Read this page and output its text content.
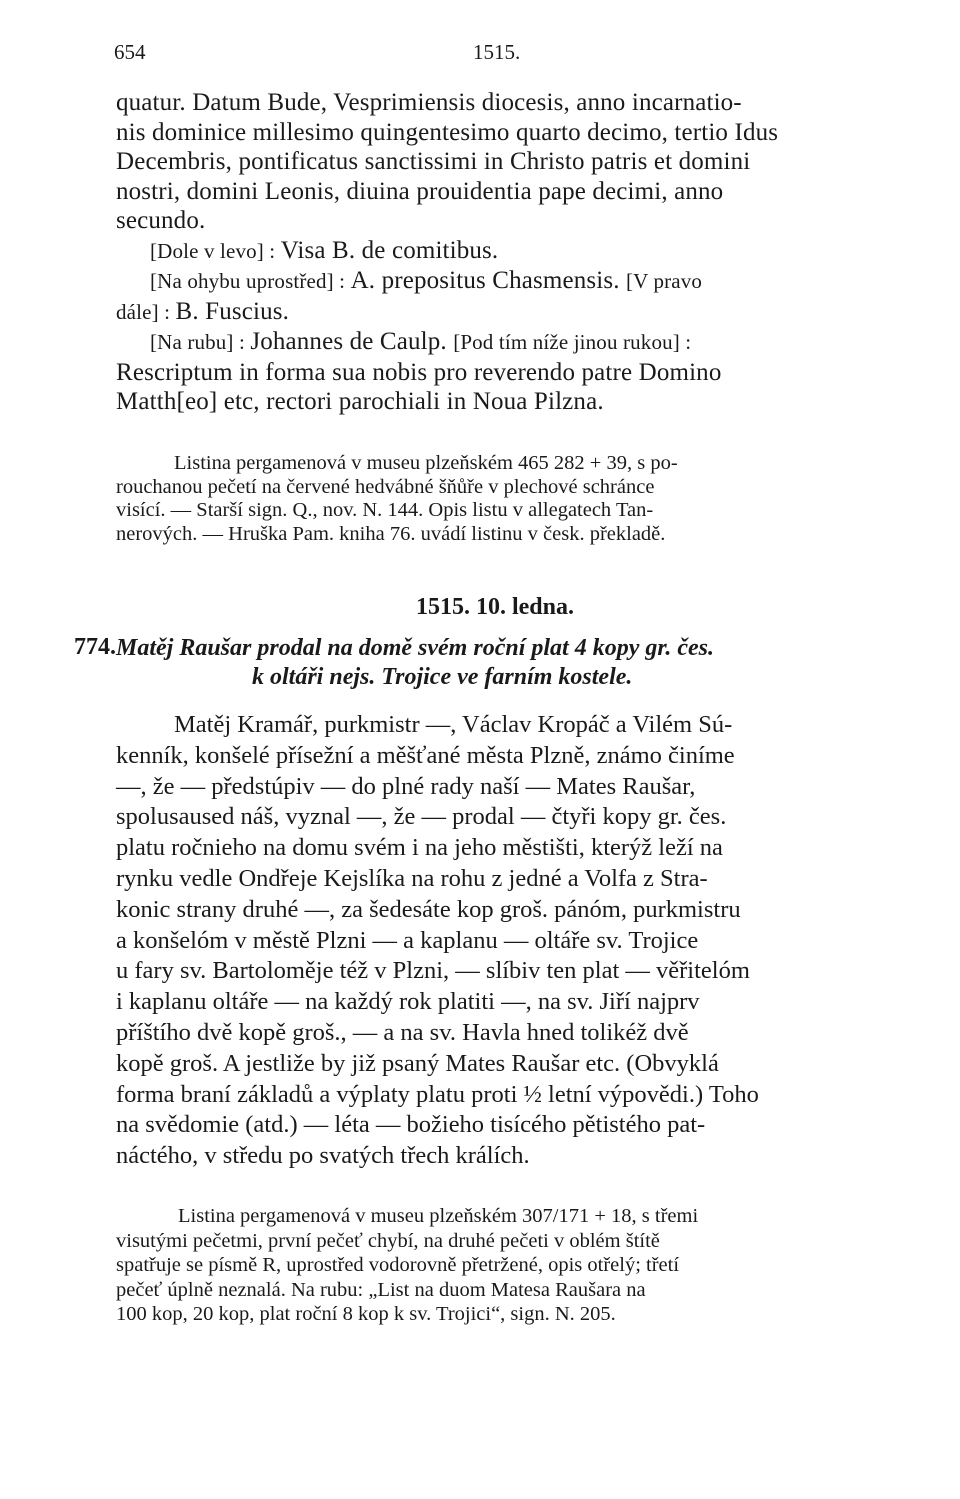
654	1515.
quatur. Datum Bude, Vesprimiensis diocesis, anno incarnatio-
nis dominice millesimo quingentesimo quarto decimo, tertio Idus
Decembris, pontificatus sanctissimi in Christo patris et domini
nostri, domini Leonis, diuina prouidentia pape decimi, anno
secundo.
[Dole v levo] : Visa B. de comitibus.
[Na ohybu uprostřed] : A. prepositus Chasmensis. [V pravo
dále] : B. Fuscius.
[Na rubu] : Johannes de Caulp. [Pod tím níže jinou rukou] :
Rescriptum in forma sua nobis pro reverendo patre Domino
Matth[eo] etc, rectori parochiali in Noua Pilzna.
Listina pergamenová v museu plzeňském 465 282 + 39, s po-
rouchanou pečetí na červené hedvábné šňůře v plechové schránce
visící. — Starší sign. Q., nov. N. 144. Opis listu v allegatech Tan-
nerových. — Hruška Pam. kniha 76. uvádí listinu v česk. překladě.
1515. 10. ledna.
774. Matěj Raušar prodal na domě svém roční plat 4 kopy gr. čes.
k oltáři nejs. Trojice ve farním kostele.
Matěj Kramář, purkmistr —, Václav Kropáč a Vilém Sú-
kenník, konšelé přísežní a měšťané města Plzně, známo činíme
—, že — předstúpiv — do plné rady naší — Mates Raušar,
spolusaused náš, vyznal —, že — prodal — čtyři kopy gr. čes.
platu ročnieho na domu svém i na jeho městišti, kterýž leží na
rynku vedle Ondřeje Kejslíka na rohu z jedné a Volfa z Stra-
konic strany druhé —, za šedesáte kop groš. pánóm, purkmistru
a konšelóm v městě Plzni — a kaplanu — oltáře sv. Trojice
u fary sv. Bartoloměje též v Plzni, — slíbiv ten plat — věřitelóm
i kaplanu oltáře — na každý rok platiti —, na sv. Jiří najprv
příštího dvě kopě groš., — a na sv. Havla hned tolikéž dvě
kopě groš. A jestliže by již psaný Mates Raušar etc. (Obvyklá
forma braní základů a výplaty platu proti ½ letní výpovědi.) Toho
na svědomie (atd.) — léta — božieho tisícého pětistého pat-
náctého, v středu po svatých třech králích.
Listina pergamenová v museu plzeňském 307/171 + 18, s třemi
visutými pečetmi, první pečeť chybí, na druhé pečeti v oblém štítě
spatřuje se písmě R, uprostřed vodorovně přetržené, opis otřelý; třetí
pečeť úplně neznalá. Na rubu: „List na duom Matesa Raušara na
100 kop, 20 kop, plat roční 8 kop k sv. Trojici“, sign. N. 205.
